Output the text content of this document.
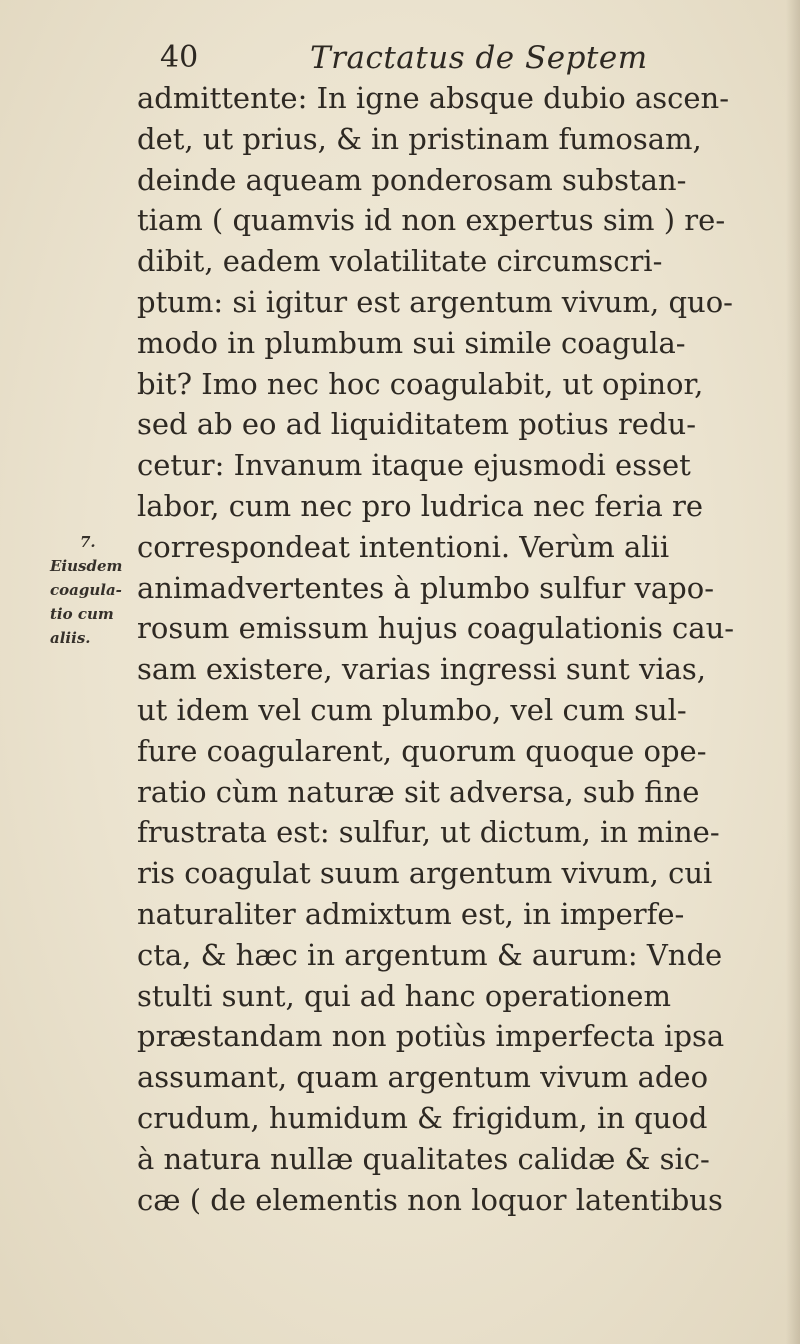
40	Tractatus de Septem
7.
Eiusdem
coagula-
tio cum
aliis.
admittente: In igne absque dubio ascen-
det, ut prius, & in pristinam fumosam,
deinde aqueam ponderosam substan-
tiam ( quamvis id non expertus sim ) re-
dibit, eadem volatilitate circumscri-
ptum: si igitur est argentum vivum, quo-
modo in plumbum sui simile coagula-
bit? Imo nec hoc coagulabit, ut opinor,
sed ab eo ad liquiditatem potius redu-
cetur: Invanum itaque ejusmodi esset
labor, cum nec pro ludrica nec feria re
correspondeat intentioni. Verùm alii
animadvertentes à plumbo sulfur vapo-
rosum emissum hujus coagulationis cau-
sam existere, varias ingressi sunt vias,
ut idem vel cum plumbo, vel cum sul-
fure coagularent, quorum quoque ope-
ratio cùm naturæ sit adversa, sub fine
frustrata est: sulfur, ut dictum, in mine-
ris coagulat suum argentum vivum, cui
naturaliter admixtum est, in imperfe-
cta, & hæc in argentum & aurum: Vnde
stulti sunt, qui ad hanc operationem
præstandam non potiùs imperfecta ipsa
assumant, quam argentum vivum adeo
crudum, humidum & frigidum, in quod
à natura nullæ qualitates calidæ & sic-
cæ ( de elementis non loquor latentibus
